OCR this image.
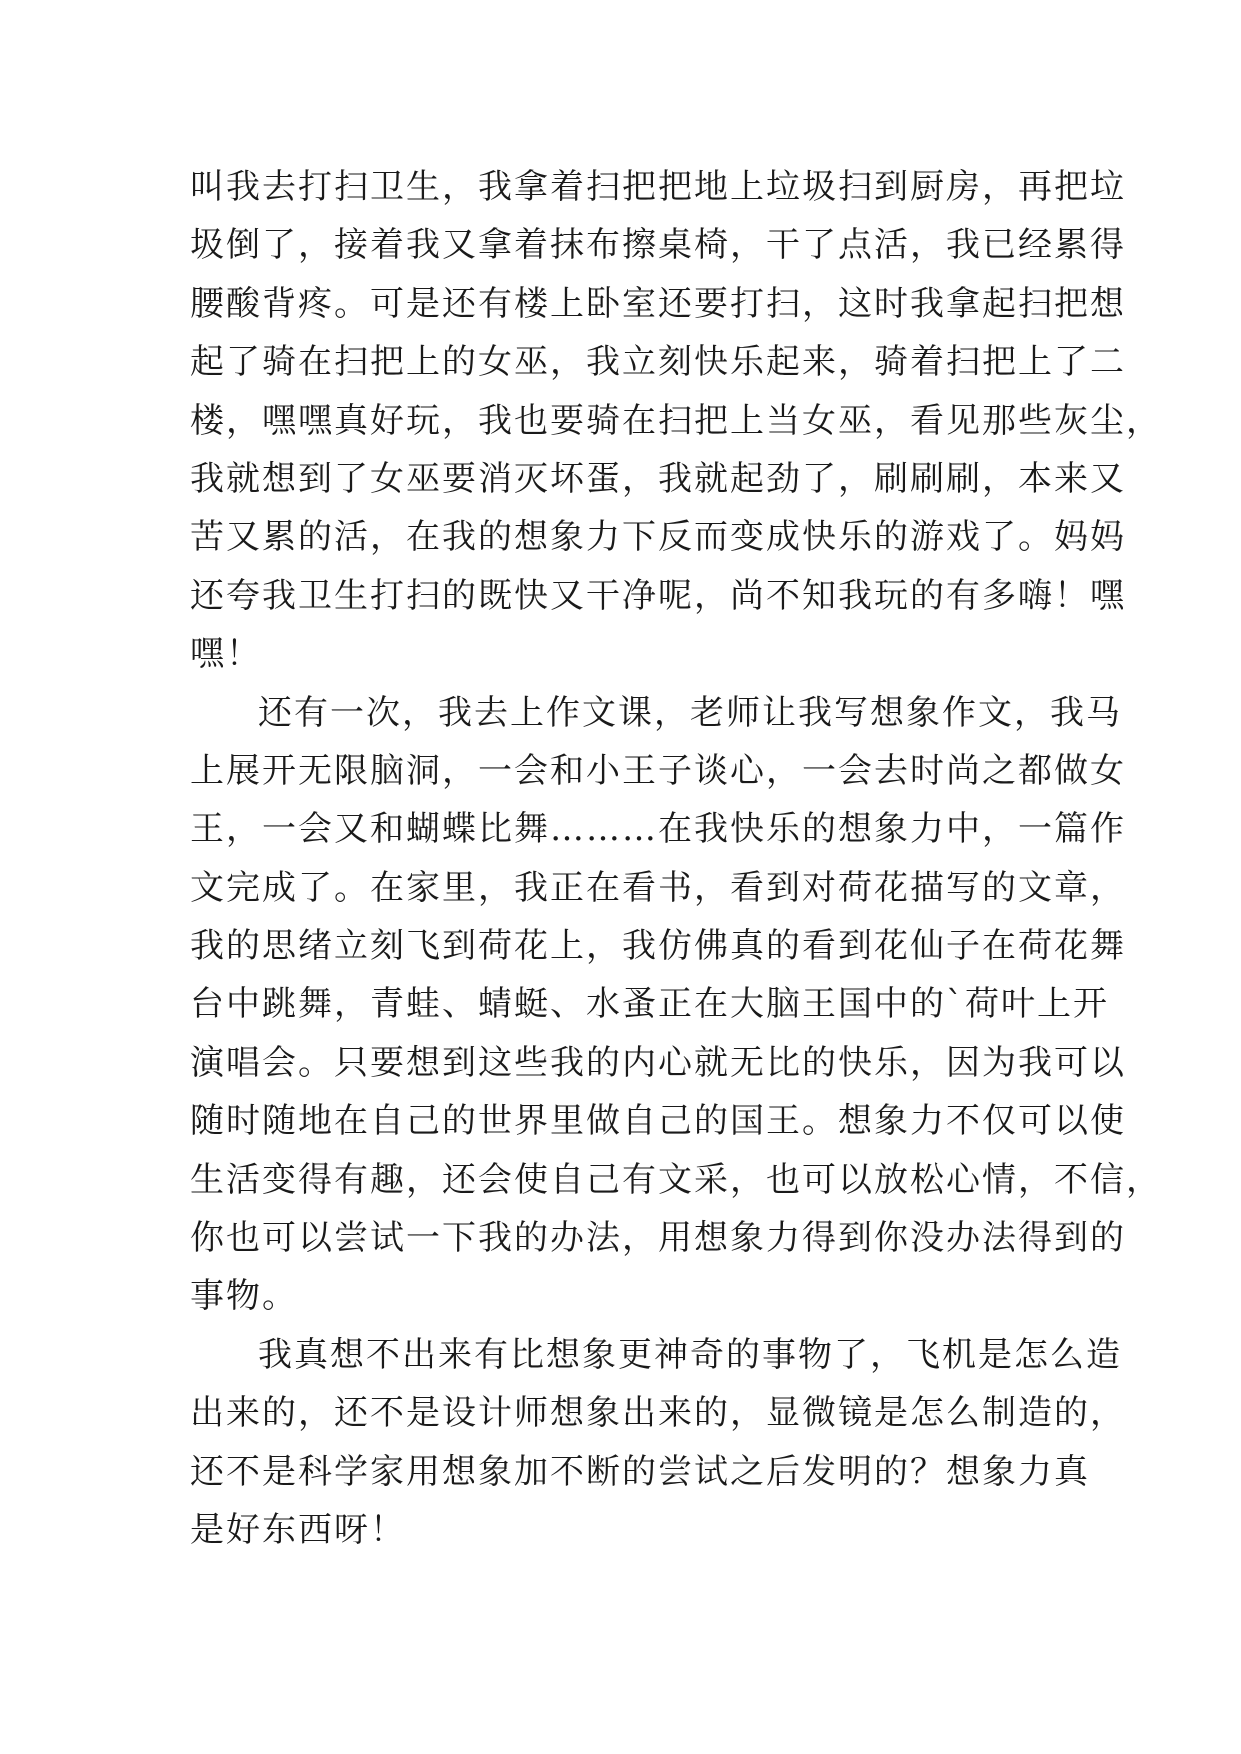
叫我去打扫卫生，我拿着扫把把地上垃圾扫到厨房，再把垃
圾倒了，接着我又拿着抹布擦桌椅，干了点活，我已经累得
腰酸背疼。可是还有楼上卧室还要打扫，这时我拿起扫把想
起了骑在扫把上的女巫，我立刻快乐起来，骑着扫把上了二
楼，嘿嘿真好玩，我也要骑在扫把上当女巫，看见那些灰尘，
我就想到了女巫要消灭坏蛋，我就起劲了，刷刷刷，本来又
苦又累的活，在我的想象力下反而变成快乐的游戏了。妈妈
还夸我卫生打扫的既快又干净呢，尚不知我玩的有多嗨！嘿
嘿！
还有一次，我去上作文课，老师让我写想象作文，我马
上展开无限脑洞，一会和小王子谈心，一会去时尚之都做女
王，一会又和蝴蝶比舞………在我快乐的想象力中，一篇作
文完成了。在家里，我正在看书，看到对荷花描写的文章，
我的思绪立刻飞到荷花上，我仿佛真的看到花仙子在荷花舞
台中跳舞，青蛙、蜻蜓、水蚤正在大脑王国中的`荷叶上开
演唱会。只要想到这些我的内心就无比的快乐，因为我可以
随时随地在自己的世界里做自己的国王。想象力不仅可以使
生活变得有趣，还会使自己有文采，也可以放松心情，不信，
你也可以尝试一下我的办法，用想象力得到你没办法得到的
事物。
我真想不出来有比想象更神奇的事物了，飞机是怎么造
出来的，还不是设计师想象出来的，显微镜是怎么制造的，
还不是科学家用想象加不断的尝试之后发明的？想象力真
是好东西呀！
